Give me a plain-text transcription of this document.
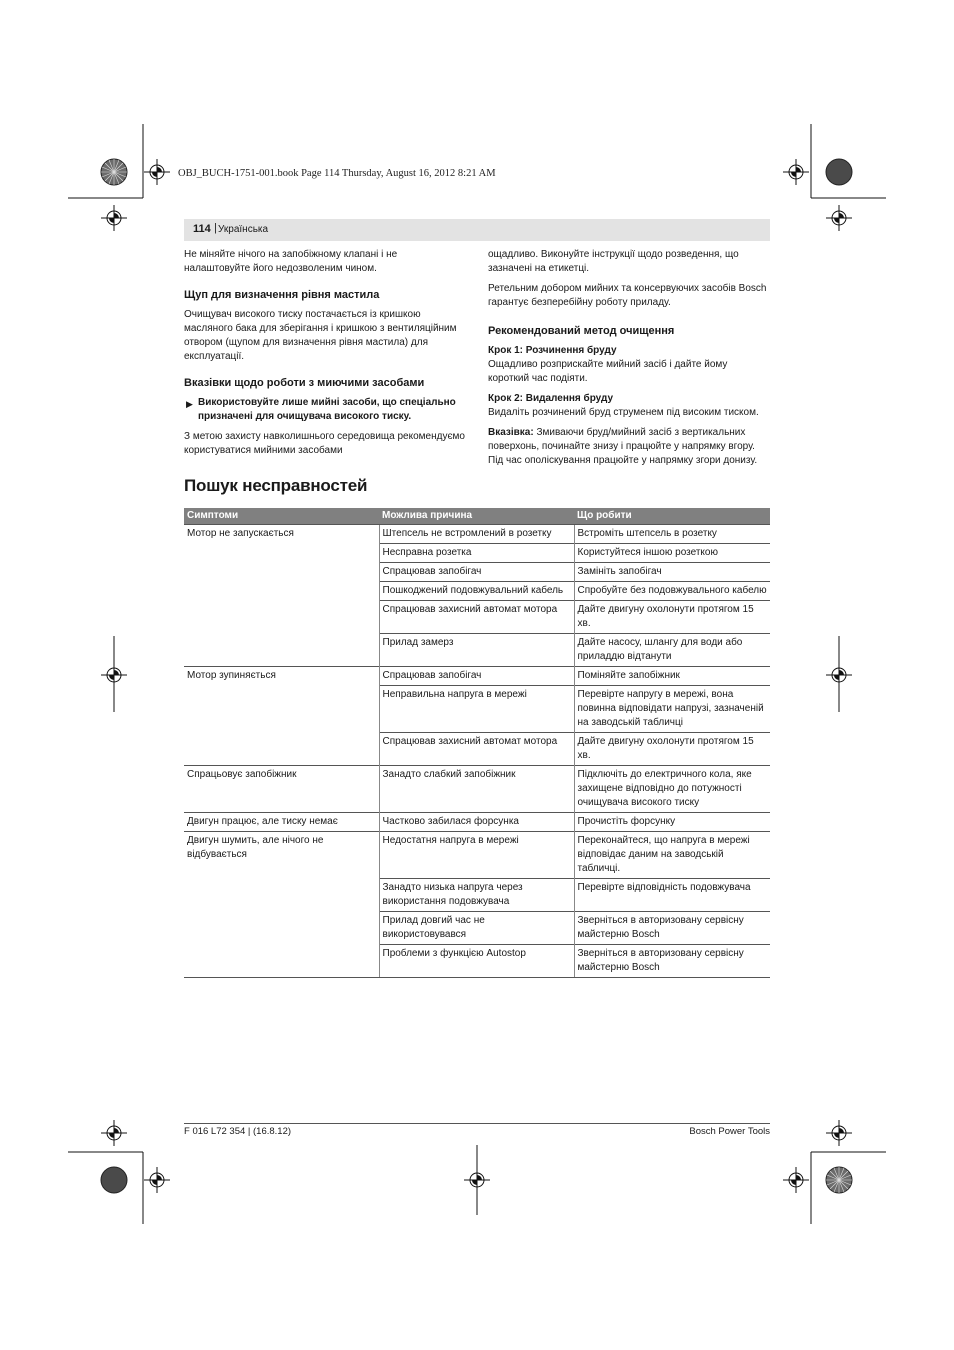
OBJ_BUCH-1751-001.book Page 114 Thursday, August 16, 2012 8:21 AM
114 | Українська

Не міняйте нічого на запобіжному клапані і не налаштовуйте його недозволеним чином.

Щуп для визначення рівня мастила

Очищувач високого тиску постачається із кришкою масляного бака для зберігання і кришкою з вентиляційним отвором (щупом для визначення рівня мастила) для експлуатації.

Вказівки щодо роботи з миючими засобами

▶ Використовуйте лише мийні засоби, що спеціально призначені для очищувача високого тиску.

З метою захисту навколишнього середовища рекомендуємо користуватися мийними засобами

ощадливо. Виконуйте інструкції щодо розведення, що зазначені на етикетці.

Ретельним добором мийних та консервуючих засобів Bosch гарантує безперебійну роботу приладу.

Рекомендований метод очищення
Крок 1: Розчинення бруду

Ощадливо розприскайте мийний засіб і дайте йому короткий час подіяти.

Крок 2: Видалення бруду

Видаліть розчинений бруд струменем під високим тиском.

Вказівка: Змиваючи бруд/мийний засіб з вертикальних поверхонь, починайте знизу і працюйте у напрямку вгору. Під час ополіскування працюйте у напрямку згори донизу.

Пошук несправностей
Симптоми	Можлива причина	Що робити
Мотор не запускається	Штепсель не встромлений в розетку	Встроміть штепсель в розетку
	Несправна розетка	Користуйтеся іншою розеткою
	Спрацював запобігач	Замініть запобігач
	Пошкоджений подовжувальний кабель	Спробуйте без подовжувального кабелю
	Спрацював захисний автомат мотора	Дайте двигуну охолонути протягом 15 хв.
	Прилад замерз	Дайте насосу, шлангу для води або приладдю відтанути
Мотор зупиняється	Спрацював запобігач	Поміняйте запобіжник
	Неправильна напруга в мережі	Перевірте напругу в мережі, вона повинна відповідати напрузі, зазначеній на заводській табличці
	Спрацював захисний автомат мотора	Дайте двигуну охолонути протягом 15 хв.
Спрацьовує запобіжник	Занадто слабкий запобіжник	Підключіть до електричного кола, яке захищене відповідно до потужності очищувача високого тиску
Двигун працює, але тиску немає	Частково забилася форсунка	Прочистіть форсунку
Двигун шумить, але нічого не відбувається	Недостатня напруга в мережі	Переконайтеся, що напруга в мережі відповідає даним на заводській табличці.
	Занадто низька напруга через використання подовжувача	Перевірте відповідність подовжувача
	Прилад довгий час не використовувався	Зверніться в авторизовану сервісну майстерню Bosch
	Проблеми з функцією Autostop	Зверніться в авторизовану сервісну майстерню Bosch
F 016 L72 354 | (16.8.12)	Bosch Power Tools
